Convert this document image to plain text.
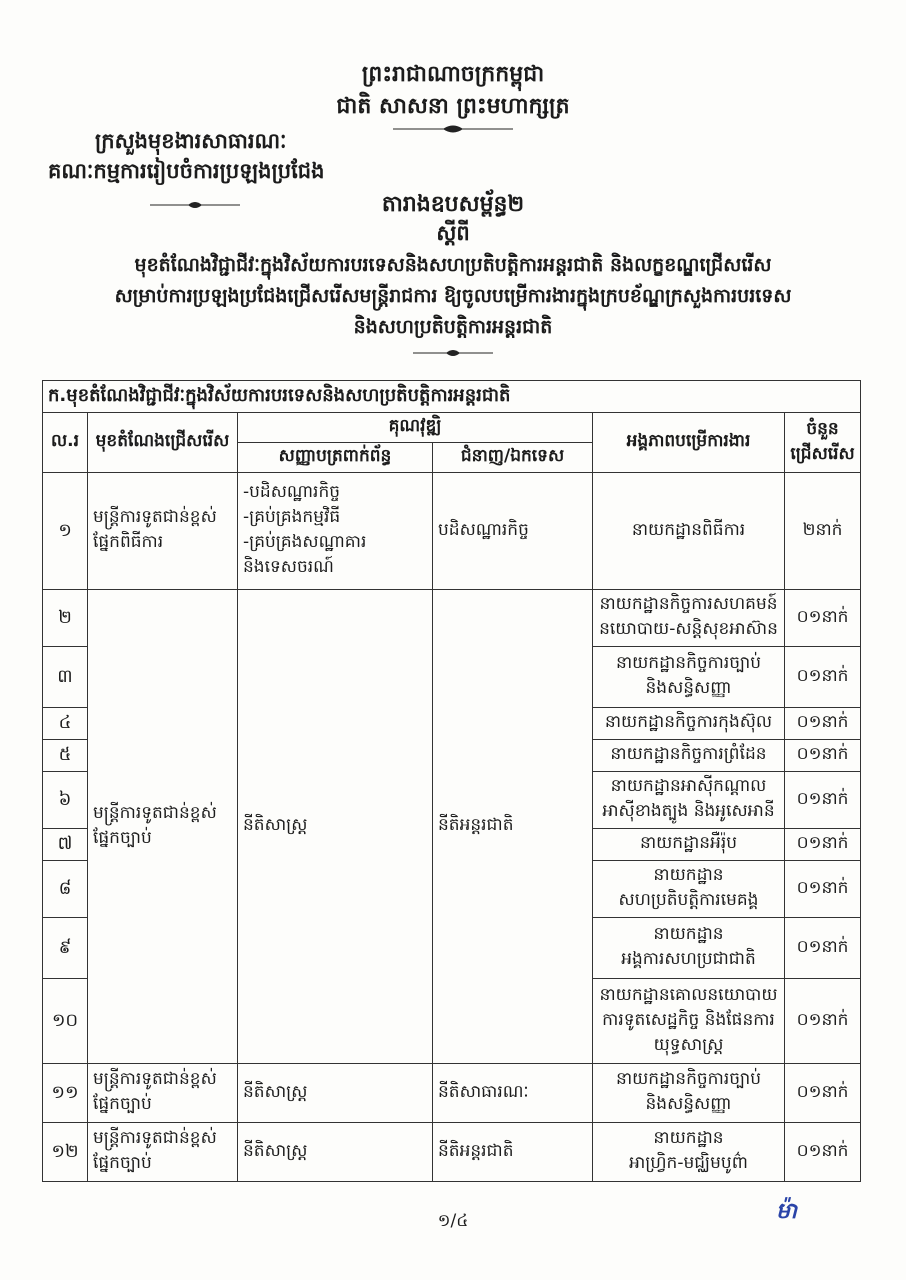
ព្រះរាជាណាចក្រកម្ពុជា
ជាតិ សាសនា ព្រះមហាក្សត្រ
ក្រសួងមុខងារសាធារណៈ
គណៈកម្មការរៀបចំការប្រឡងប្រជែង
តារាងឧបសម្ព័ន្ធ២
ស្ដីពី
មុខតំណែងវិជ្ជាជីវៈក្នុងវិស័យការបរទេសនិងសហប្រតិបត្តិការអន្តរជាតិ និងលក្ខខណ្ឌជ្រើសរើស
សម្រាប់ការប្រឡងប្រជែងជ្រើសរើសមន្ត្រីរាជការ ឱ្យចូលបម្រើការងារក្នុងក្របខ័ណ្ឌក្រសួងការបរទេស
និងសហប្រតិបត្តិការអន្តរជាតិ
ក.មុខតំណែងវិជ្ជាជីវៈក្នុងវិស័យការបរទេសនិងសហប្រតិបត្តិការអន្តរជាតិ					
ល.រ	មុខតំណែងជ្រើសរើស	គុណវុឌ្ឍិ		អង្គភាពបម្រើការងារ	ចំនួន
ជ្រើសរើស

		សញ្ញាបត្រពាក់ព័ន្ធ	ជំនាញ/ឯកទេស		
១	មន្ត្រីការទូតជាន់ខ្ពស់
ផ្នែកពិធីការ	-បដិសណ្ឋារកិច្ច
-គ្រប់គ្រងកម្មវិធី
-គ្រប់គ្រងសណ្ឋាគារ
និងទេសចរណ៍	បដិសណ្ឋារកិច្ច	នាយកដ្ឋានពិធីការ	២នាក់
២	មន្ត្រីការទូតជាន់ខ្ពស់
ផ្នែកច្បាប់	នីតិសាស្ត្រ	នីតិអន្តរជាតិ	នាយកដ្ឋានកិច្ចការសហគមន៍
នយោបាយ-សន្តិសុខអាស៊ាន	០១នាក់
៣				នាយកដ្ឋានកិច្ចការច្បាប់
និងសន្ធិសញ្ញា	០១នាក់
៤				នាយកដ្ឋានកិច្ចការកុងស៊ុល	០១នាក់
៥				នាយកដ្ឋានកិច្ចការព្រំដែន	០១នាក់
៦				នាយកដ្ឋានអាស៊ីកណ្ដាល
អាស៊ីខាងត្បូង និងអូសេអានី	០១នាក់
៧				នាយកដ្ឋានអឺរ៉ុប	០១នាក់
៨				នាយកដ្ឋាន
សហប្រតិបត្តិការមេគង្គ	០១នាក់
៩				នាយកដ្ឋាន
អង្គការសហប្រជាជាតិ	០១នាក់
១០				នាយកដ្ឋានគោលនយោបាយ
ការទូតសេដ្ឋកិច្ច និងផែនការ
យុទ្ធសាស្ត្រ	០១នាក់
១១	មន្ត្រីការទូតជាន់ខ្ពស់
ផ្នែកច្បាប់	នីតិសាស្ត្រ	នីតិសាធារណៈ	នាយកដ្ឋានកិច្ចការច្បាប់
និងសន្ធិសញ្ញា	០១នាក់
១២	មន្ត្រីការទូតជាន់ខ្ពស់
ផ្នែកច្បាប់	នីតិសាស្ត្រ	នីតិអន្តរជាតិ	នាយកដ្ឋាន
អាហ្វ្រិក-មជ្ឈិមបូព៌ា	០១នាក់
១/៤	ម៉ា
